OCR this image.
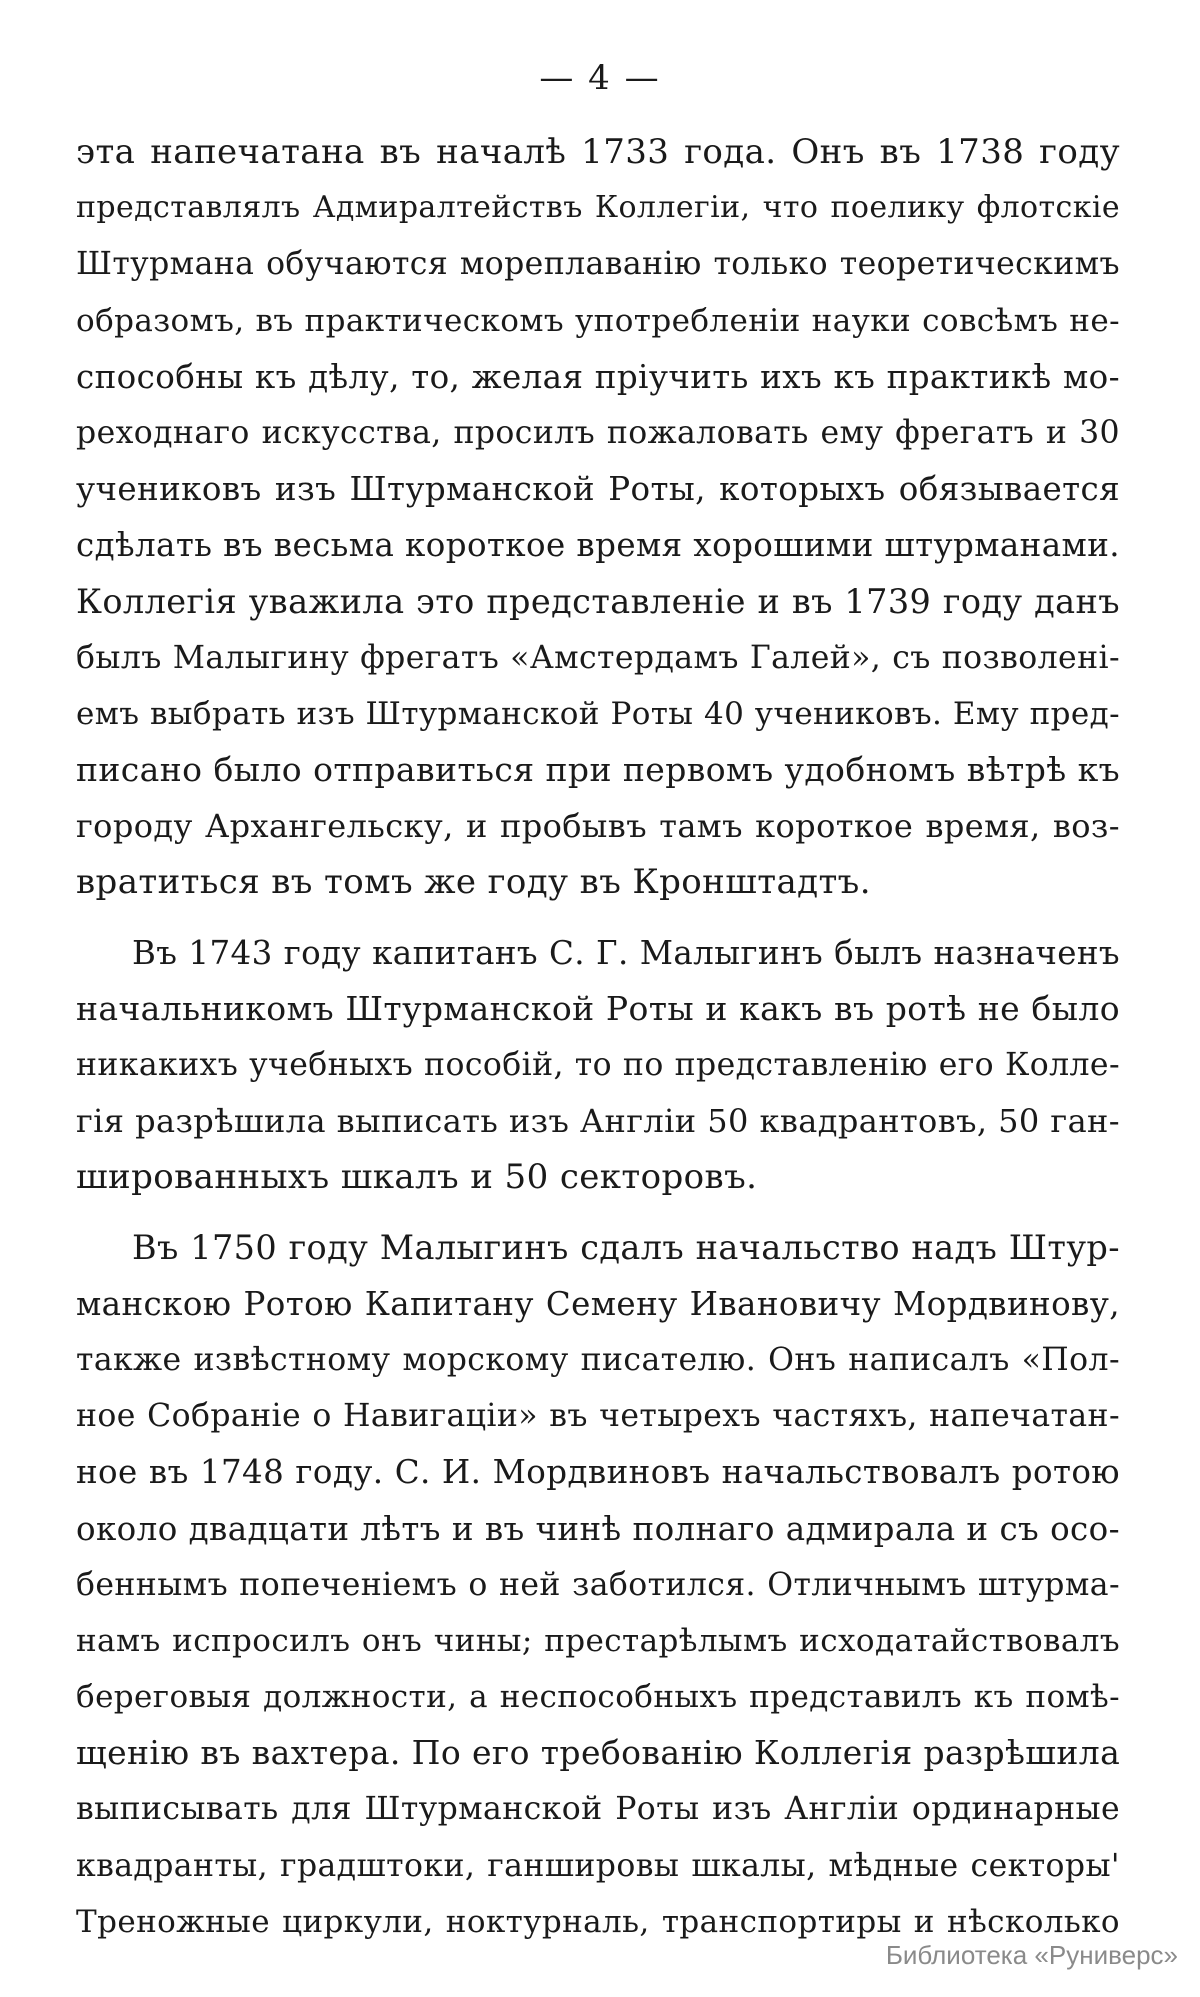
— 4 —
эта напечатана въ началѣ 1733 года. Онъ въ 1738 году
представлялъ Адмиралтействъ Коллегіи, что поелику флотскіе
Штурмана обучаются мореплаванію только теоретическимъ
образомъ, въ практическомъ употребленіи науки совсѣмъ не-
способны къ дѣлу, то, желая пріучить ихъ къ практикѣ мо-
реходнаго искусства, просилъ пожаловать ему фрегатъ и 30
учениковъ изъ Штурманской Роты, которыхъ обязывается
сдѣлать въ весьма короткое время хорошими штурманами.
Коллегія уважила это представленіе и въ 1739 году данъ
былъ Малыгину фрегатъ «Амстердамъ Галей», съ позволені-
емъ выбрать изъ Штурманской Роты 40 учениковъ. Ему пред-
писано было отправиться при первомъ удобномъ вѣтрѣ къ
городу Архангельску, и пробывъ тамъ короткое время, воз-
вратиться въ томъ же году въ Кронштадтъ.
Въ 1743 году капитанъ С. Г. Малыгинъ былъ назначенъ
начальникомъ Штурманской Роты и какъ въ ротѣ не было
никакихъ учебныхъ пособій, то по представленію его Колле-
гія разрѣшила выписать изъ Англіи 50 квадрантовъ, 50 ган-
шированныхъ шкалъ и 50 секторовъ.
Въ 1750 году Малыгинъ сдалъ начальство надъ Штур-
манскою Ротою Капитану Семену Ивановичу Мордвинову,
также извѣстному морскому писателю. Онъ написалъ «Пол-
ное Собраніе о Навигаціи» въ четырехъ частяхъ, напечатан-
ное въ 1748 году. С. И. Мордвиновъ начальствовалъ ротою
около двадцати лѣтъ и въ чинѣ полнаго адмирала и съ осо-
беннымъ попеченіемъ о ней заботился. Отличнымъ штурма-
намъ испросилъ онъ чины; престарѣлымъ исходатайствовалъ
береговыя должности, а неспособныхъ представилъ къ помѣ-
щенію въ вахтера. По его требованію Коллегія разрѣшила
выписывать для Штурманской Роты изъ Англіи ординарные
квадранты, градштоки, ганшировы шкалы, мѣдные секторы'
Треножные циркули, ноктурналь, транспортиры и нѣсколько
Библиотека «Руниверс»
